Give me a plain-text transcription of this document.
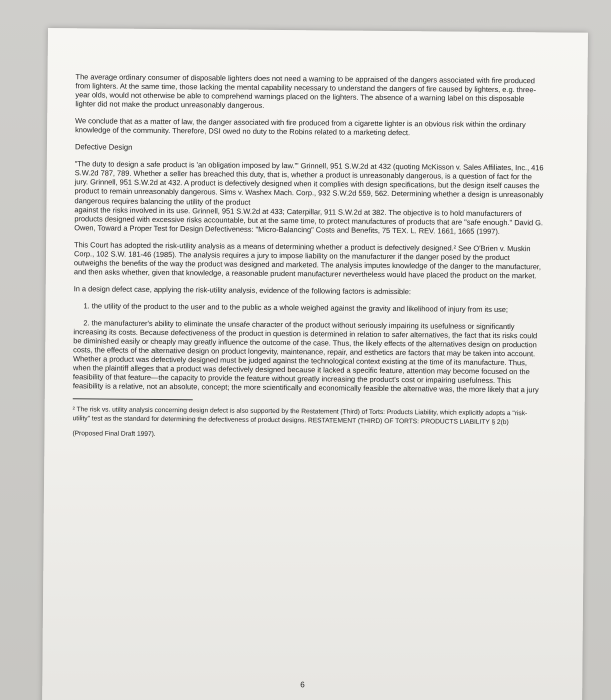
The average ordinary consumer of disposable lighters does not need a warning to be appraised of the dangers associated with fire produced from lighters. At the same time, those lacking the mental capability necessary to understand the dangers of fire caused by lighters, e.g. three-year olds, would not otherwise be able to comprehend warnings placed on the lighters. The absence of a warning label on this disposable lighter did not make the product unreasonably dangerous.

We conclude that as a matter of law, the danger associated with fire produced from a cigarette lighter is an obvious risk within the ordinary knowledge of the community. Therefore, DSI owed no duty to the Robins related to a marketing defect.

Defective Design

"The duty to design a safe product is 'an obligation imposed by law.'" Grinnell, 951 S.W.2d at 432 (quoting McKisson v. Sales Affiliates, Inc., 416 S.W.2d 787, 789. Whether a seller has breached this duty, that is, whether a product is unreasonably dangerous, is a question of fact for the jury. Grinnell, 951 S.W.2d at 432. A product is defectively designed when it complies with design specifications, but the design itself causes the product to remain unreasonably dangerous. Sims v. Washex Mach. Corp., 932 S.W.2d 559, 562. Determining whether a design is unreasonably dangerous requires balancing the utility of the product

against the risks involved in its use. Grinnell, 951 S.W.2d at 433; Caterpillar, 911 S.W.2d at 382. The objective is to hold manufacturers of products designed with excessive risks accountable, but at the same time, to protect manufactures of products that are "safe enough." David G. Owen, Toward a Proper Test for Design Defectiveness: "Micro-Balancing" Costs and Benefits, 75 TEX. L. REV. 1661, 1665 (1997).

This Court has adopted the risk-utility analysis as a means of determining whether a product is defectively designed.² See O'Brien v. Muskin Corp., 102 S.W. 181-46 (1985). The analysis requires a jury to impose liability on the manufacturer if the danger posed by the product outweighs the benefits of the way the product was designed and marketed. The analysis imputes knowledge of the danger to the manufacturer, and then asks whether, given that knowledge, a reasonable prudent manufacturer nevertheless would have placed the product on the market.

In a design defect case, applying the risk-utility analysis, evidence of the following factors is admissible:

1. the utility of the product to the user and to the public as a whole weighed against the gravity and likelihood of injury from its use;

2. the manufacturer's ability to eliminate the unsafe character of the product without seriously impairing its usefulness or significantly increasing its costs. Because defectiveness of the product in question is determined in relation to safer alternatives, the fact that its risks could be diminished easily or cheaply may greatly influence the outcome of the case. Thus, the likely effects of the alternatives design on production costs, the effects of the alternative design on product longevity, maintenance, repair, and esthetics are factors that may be taken into account. Whether a product was defectively designed must be judged against the technological context existing at the time of its manufacture. Thus, when the plaintiff alleges that a product was defectively designed because it lacked a specific feature, attention may become focused on the feasibility of that feature—the capacity to provide the feature without greatly increasing the product's cost or impairing usefulness. This feasibility is a relative, not an absolute, concept; the more scientifically and economically feasible the alternative was, the more likely that a jury

² The risk vs. utility analysis concerning design defect is also supported by the Restatement (Third) of Torts: Products Liability, which explicitly adopts a "risk-utility" test as the standard for determining the defectiveness of product designs. RESTATEMENT (THIRD) OF TORTS: PRODUCTS LIABILITY § 2(b)

(Proposed Final Draft 1997).

6
